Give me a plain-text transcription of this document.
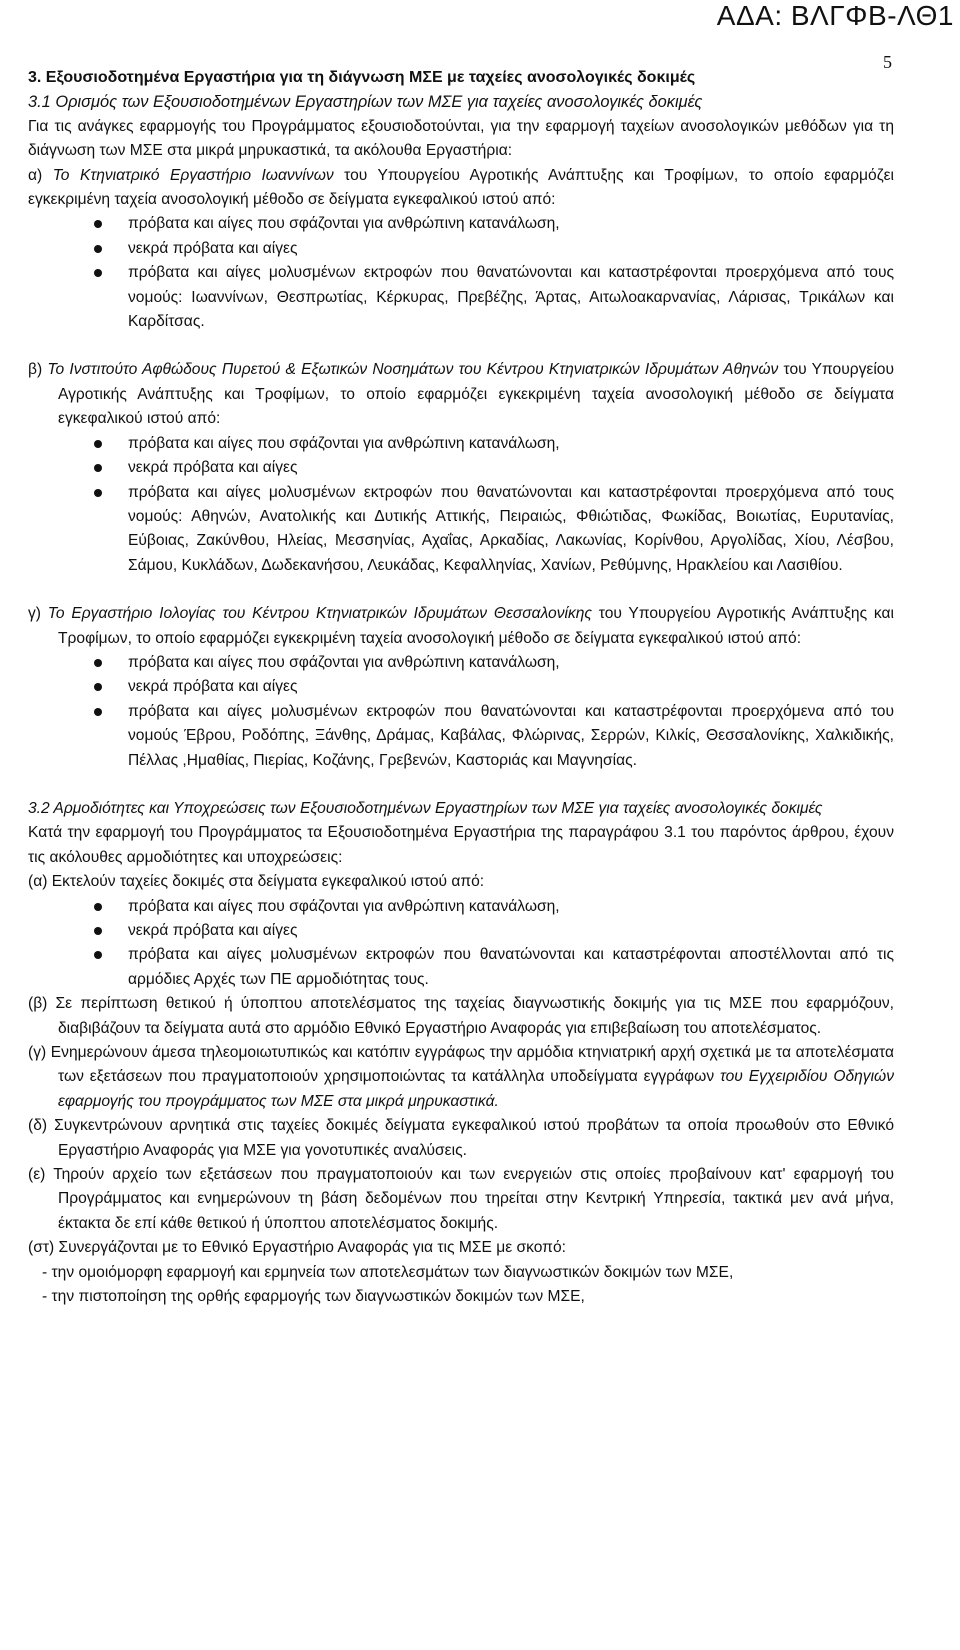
ΑΔΑ: ΒΛΓΦΒ-ΛΘ1
5

3. Εξουσιοδοτημένα Εργαστήρια για τη διάγνωση ΜΣΕ με ταχείες ανοσολογικές δοκιμές

3.1 Ορισμός των Εξουσιοδοτημένων Εργαστηρίων των ΜΣΕ για ταχείες ανοσολογικές δοκιμές

Για τις ανάγκες εφαρμογής του Προγράμματος εξουσιοδοτούνται, για την εφαρμογή ταχείων ανοσολογικών μεθόδων για τη διάγνωση των ΜΣΕ στα μικρά μηρυκαστικά, τα ακόλουθα Εργαστήρια:

α) Το Κτηνιατρικό Εργαστήριο Ιωαννίνων του Υπουργείου Αγροτικής Ανάπτυξης και Τροφίμων, το οποίο εφαρμόζει εγκεκριμένη ταχεία ανοσολογική μέθοδο σε δείγματα εγκεφαλικού ιστού από:

πρόβατα και αίγες που σφάζονται για ανθρώπινη κατανάλωση,
νεκρά πρόβατα και αίγες
πρόβατα και αίγες μολυσμένων εκτροφών που θανατώνονται και καταστρέφονται προερχόμενα από τους νομούς: Ιωαννίνων, Θεσπρωτίας, Κέρκυρας, Πρεβέζης, Άρτας, Αιτωλοακαρνανίας, Λάρισας, Τρικάλων και Καρδίτσας.

β) Το Ινστιτούτο Αφθώδους Πυρετού & Εξωτικών Νοσημάτων του Κέντρου Κτηνιατρικών Ιδρυμάτων Αθηνών του Υπουργείου Αγροτικής Ανάπτυξης και Τροφίμων, το οποίο εφαρμόζει εγκεκριμένη ταχεία ανοσολογική μέθοδο σε δείγματα εγκεφαλικού ιστού από:

πρόβατα και αίγες που σφάζονται για ανθρώπινη κατανάλωση,
νεκρά πρόβατα και αίγες
πρόβατα και αίγες μολυσμένων εκτροφών που θανατώνονται και καταστρέφονται προερχόμενα από τους νομούς: Αθηνών, Ανατολικής και Δυτικής Αττικής, Πειραιώς, Φθιώτιδας, Φωκίδας, Βοιωτίας, Ευρυτανίας, Εύβοιας, Ζακύνθου, Ηλείας, Μεσσηνίας, Αχαΐας, Αρκαδίας, Λακωνίας, Κορίνθου, Αργολίδας, Χίου, Λέσβου, Σάμου, Κυκλάδων, Δωδεκανήσου, Λευκάδας, Κεφαλληνίας, Χανίων, Ρεθύμνης, Ηρακλείου και Λασιθίου.

γ) Το Εργαστήριο Ιολογίας του Κέντρου Κτηνιατρικών Ιδρυμάτων Θεσσαλονίκης του Υπουργείου Αγροτικής Ανάπτυξης και Τροφίμων, το οποίο εφαρμόζει εγκεκριμένη ταχεία ανοσολογική μέθοδο σε δείγματα εγκεφαλικού ιστού από:

πρόβατα και αίγες που σφάζονται για ανθρώπινη κατανάλωση,
νεκρά πρόβατα και αίγες
πρόβατα και αίγες μολυσμένων εκτροφών που θανατώνονται και καταστρέφονται προερχόμενα από του νομούς Έβρου, Ροδόπης, Ξάνθης, Δράμας, Καβάλας, Φλώρινας, Σερρών, Κιλκίς, Θεσσαλονίκης, Χαλκιδικής, Πέλλας ,Ημαθίας, Πιερίας, Κοζάνης, Γρεβενών, Καστοριάς και Μαγνησίας.

3.2 Αρμοδιότητες και Υποχρεώσεις των Εξουσιοδοτημένων Εργαστηρίων των ΜΣΕ για ταχείες ανοσολογικές δοκιμές

Κατά την εφαρμογή του Προγράμματος τα Εξουσιοδοτημένα Εργαστήρια της παραγράφου 3.1 του παρόντος άρθρου, έχουν τις ακόλουθες αρμοδιότητες και υποχρεώσεις:

(α) Εκτελούν ταχείες δοκιμές στα δείγματα εγκεφαλικού ιστού από:

πρόβατα και αίγες που σφάζονται για ανθρώπινη κατανάλωση,
νεκρά πρόβατα και αίγες
πρόβατα και αίγες μολυσμένων εκτροφών που θανατώνονται και καταστρέφονται αποστέλλονται από τις αρμόδιες Αρχές των ΠΕ αρμοδιότητας τους.

(β) Σε περίπτωση θετικού ή ύποπτου αποτελέσματος της ταχείας διαγνωστικής δοκιμής για τις ΜΣΕ που εφαρμόζουν, διαβιβάζουν τα δείγματα αυτά στο αρμόδιο Εθνικό Εργαστήριο Αναφοράς για επιβεβαίωση του αποτελέσματος.

(γ) Ενημερώνουν άμεσα τηλεομοιωτυπικώς και κατόπιν εγγράφως την αρμόδια κτηνιατρική αρχή σχετικά με τα αποτελέσματα των εξετάσεων που πραγματοποιούν χρησιμοποιώντας τα κατάλληλα υποδείγματα εγγράφων του Εγχειριδίου Οδηγιών εφαρμογής του προγράμματος των ΜΣΕ στα μικρά μηρυκαστικά.

(δ) Συγκεντρώνουν αρνητικά στις ταχείες δοκιμές δείγματα εγκεφαλικού ιστού προβάτων τα οποία προωθούν στο Εθνικό Εργαστήριο Αναφοράς για ΜΣΕ για γονοτυπικές αναλύσεις.

(ε) Τηρούν αρχείο των εξετάσεων που πραγματοποιούν και των ενεργειών στις οποίες προβαίνουν κατ' εφαρμογή του Προγράμματος και ενημερώνουν τη βάση δεδομένων που τηρείται στην Κεντρική Υπηρεσία, τακτικά μεν ανά μήνα, έκτακτα δε επί κάθε θετικού ή ύποπτου αποτελέσματος δοκιμής.

(στ) Συνεργάζονται με το Εθνικό Εργαστήριο Αναφοράς για τις ΜΣΕ με σκοπό:

- την ομοιόμορφη εφαρμογή και ερμηνεία των αποτελεσμάτων των διαγνωστικών δοκιμών των ΜΣΕ,

- την πιστοποίηση της ορθής εφαρμογής των διαγνωστικών δοκιμών των ΜΣΕ,
